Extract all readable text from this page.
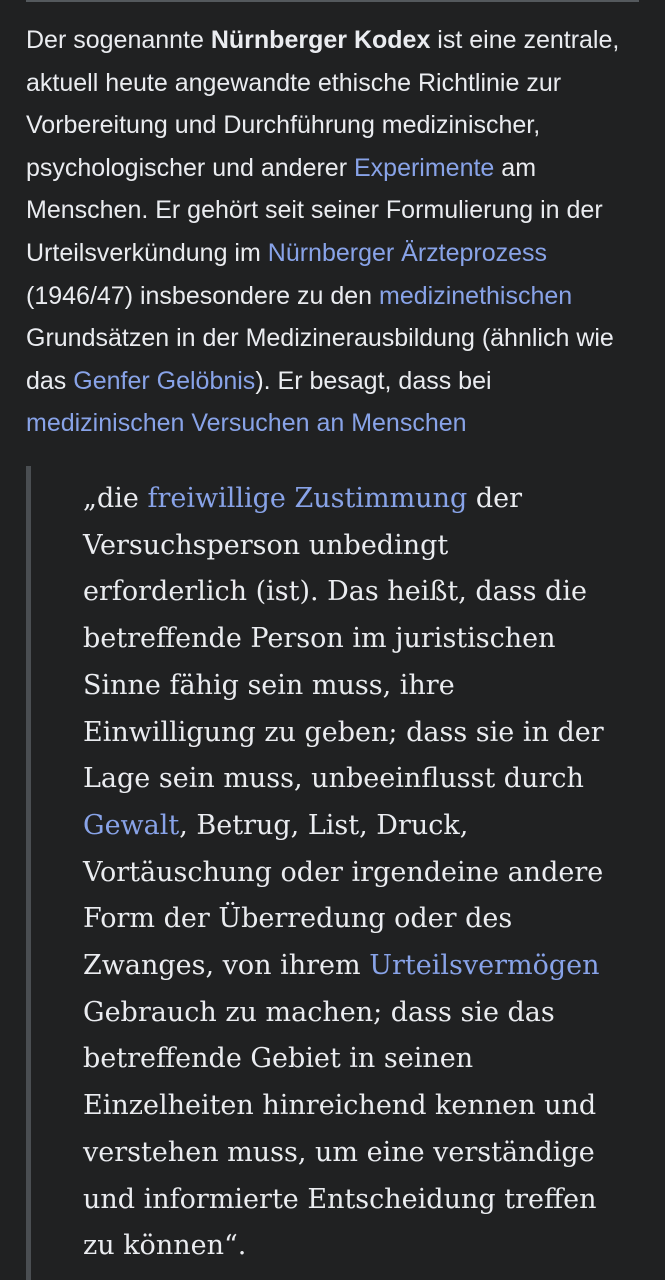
Der sogenannte Nürnberger Kodex ist eine zentrale,
aktuell heute angewandte ethische Richtlinie zur
Vorbereitung und Durchführung medizinischer,
psychologischer und anderer Experimente am
Menschen. Er gehört seit seiner Formulierung in der
Urteilsverkündung im Nürnberger Ärzteprozess
(1946/47) insbesondere zu den medizinethischen
Grundsätzen in der Medizinerausbildung (ähnlich wie
das Genfer Gelöbnis). Er besagt, dass bei
medizinischen Versuchen an Menschen

„die freiwillige Zustimmung der
Versuchsperson unbedingt
erforderlich (ist). Das heißt, dass die
betreffende Person im juristischen
Sinne fähig sein muss, ihre
Einwilligung zu geben; dass sie in der
Lage sein muss, unbeeinflusst durch
Gewalt, Betrug, List, Druck,
Vortäuschung oder irgendeine andere
Form der Überredung oder des
Zwanges, von ihrem Urteilsvermögen
Gebrauch zu machen; dass sie das
betreffende Gebiet in seinen
Einzelheiten hinreichend kennen und
verstehen muss, um eine verständige
und informierte Entscheidung treffen
zu können“.
